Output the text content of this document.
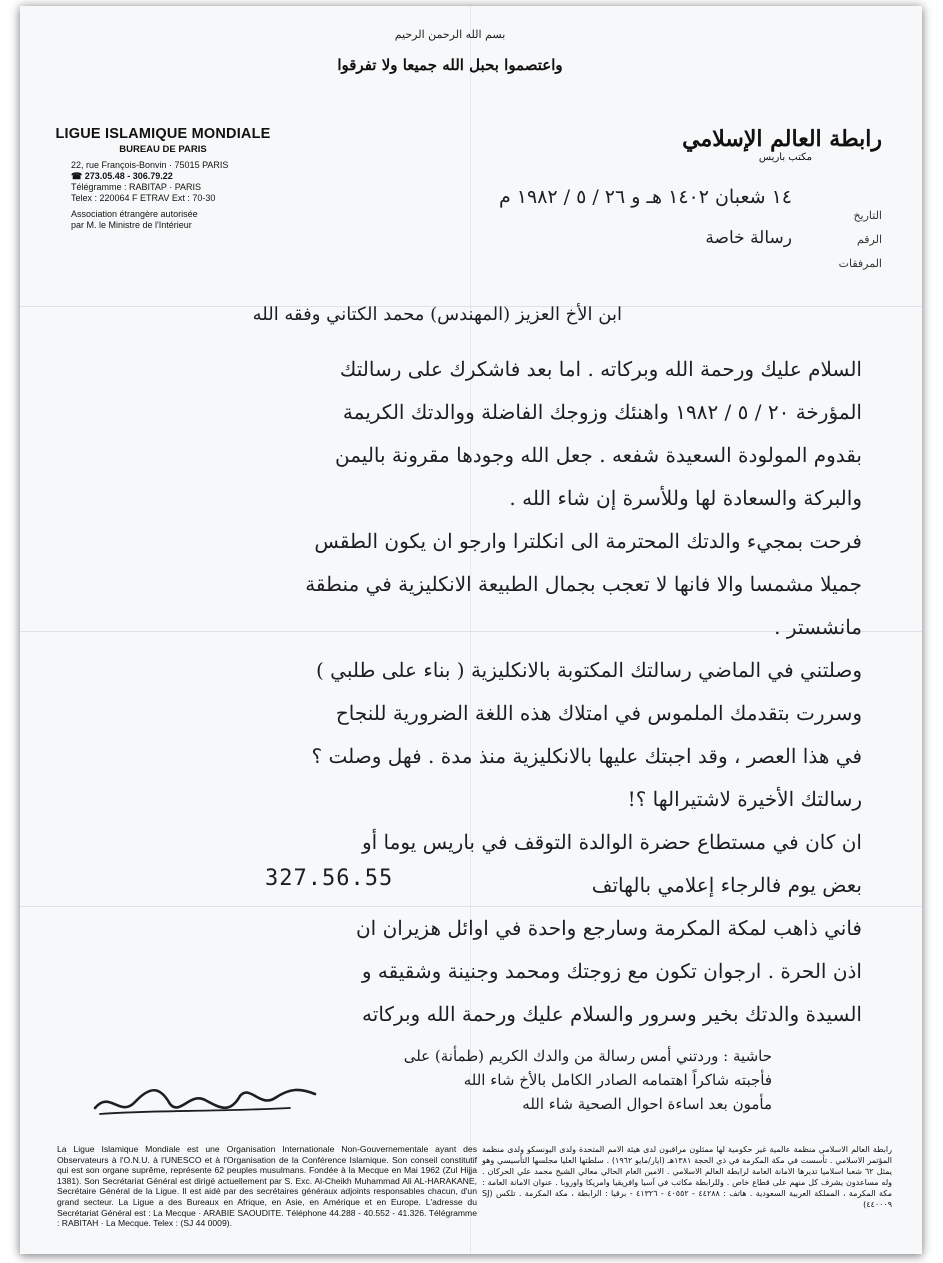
بسم الله الرحمن الرحيم
واعتصموا بحبل الله جميعا ولا تفرقوا
LIGUE ISLAMIQUE MONDIALE
BUREAU DE PARIS
22, rue François-Bonvin · 75015 PARIS
☎ 273.05.48 - 306.79.22
Télégramme : RABITAP · PARIS
Telex : 220064 F ETRAV Ext : 70-30
Association étrangère autorisée
par M. le Ministre de l'Intérieur
رابطة العالم الإسلامي
مكتب باريس
التاريخ
الرقم
المرفقات
١٤ شعبان ١٤٠٢ هـ و ٢٦ / ٥ / ١٩٨٢ م
رسالة خاصة
ابن الأخ العزيز (المهندس) محمد الكتاني وفقه الله
السلام عليك ورحمة الله وبركاته . اما بعد فاشكرك على رسالتك
المؤرخة ٢٠ / ٥ / ١٩٨٢ واهنئك وزوجك الفاضلة ووالدتك الكريمة
بقدوم المولودة السعيدة شفعه . جعل الله وجودها مقرونة باليمن
والبركة والسعادة لها وللأسرة إن شاء الله .
فرحت بمجيء والدتك المحترمة الى انكلترا وارجو ان يكون الطقس
جميلا مشمسا والا فانها لا تعجب بجمال الطبيعة الانكليزية في منطقة
مانشستر .
وصلتني في الماضي رسالتك المكتوبة بالانكليزية ( بناء على طلبي )
وسررت بتقدمك الملموس في امتلاك هذه اللغة الضرورية للنجاح
في هذا العصر ، وقد اجبتك عليها بالانكليزية منذ مدة . فهل وصلت ؟
رسالتك الأخيرة لاشتيرالها ؟!
ان كان في مستطاع حضرة الوالدة التوقف في باريس يوما أو
بعض يوم فالرجاء إعلامي بالهاتف
فاني ذاهب لمكة المكرمة وسارجع واحدة في اوائل هزيران ان
اذن الحرة . ارجوان تكون مع زوجتك ومحمد وجنينة وشقيقه و
السيدة والدتك بخير وسرور والسلام عليك ورحمة الله وبركاته
327.56.55
حاشية : وردتني أمس رسالة من والدك الكريم (طمأنة) على
فأجبته شاكراً اهتمامه الصادر الكامل بالأخ شاء الله
مأمون بعد اساءة احوال الصحية شاء الله
La Ligue Islamique Mondiale est une Organisation Internationale Non-Gouvernementale ayant des Observateurs à l'O.N.U. à l'UNESCO et à l'Organisation de la Conférence Islamique. Son conseil constitutif qui est son organe suprême, représente 62 peuples musulmans. Fondée à la Mecque en Mai 1962 (Zul Hijja 1381). Son Secrétariat Général est dirigé actuellement par S. Exc. Al-Cheikh Muhammad Ali AL-HARAKANE, Secrétaire Général de la Ligue. Il est aidé par des secrétaires généraux adjoints responsables chacun, d'un grand secteur. La Ligue a des Bureaux en Afrique, en Asie, en Amérique et en Europe. L'adresse du Secrétariat Général est : La Mecque · ARABIE SAOUDITE. Téléphone 44.288 - 40.552 - 41.326. Télégramme : RABITAH · La Mecque. Telex : (SJ 44 0009).
رابطة العالم الاسلامي منظمة عالمية غير حكومية لها ممثلون مراقبون لدى هيئة الامم المتحدة ولدى اليونسكو ولدى منظمة المؤتمر الاسلامي . تأسست في مكة المكرمة في ذي الحجة ١٣٨١هـ (ايار/مايو ١٩٦٢) . سلطتها العليا مجلسها التأسيسي وهو يمثل ٦٢ شعبا اسلاميا تديرها الامانة العامة لرابطة العالم الاسلامي . الامين العام الحالي معالي الشيخ محمد علي الحركان . وله مساعدون يشرف كل منهم على قطاع خاص . وللرابطة مكاتب في آسيا وافريقيا وامريكا واوروبا . عنوان الامانة العامة : مكة المكرمة ، المملكة العربية السعودية . هاتف : ٤٤٢٨٨ - ٤٠٥٥٢ - ٤١٣٢٦ - برقيا : الرابطة ، مكة المكرمة . تلكس (SJ ٤٤٠٠٠٩)
